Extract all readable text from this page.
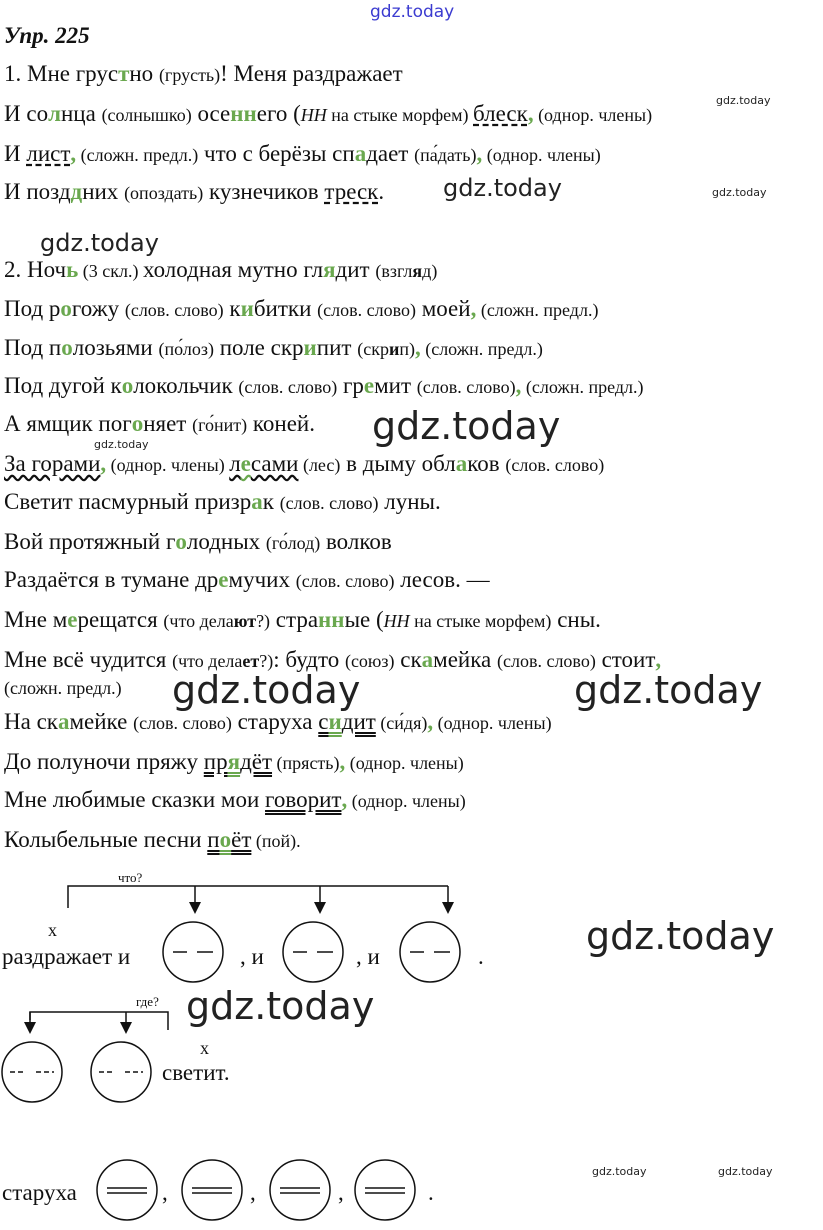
gdz.today
gdz.today
gdz.today	gdz.today
gdz.today
gdz.today
gdz.today
gdz.today	gdz.today
gdz.today
gdz.today
gdz.today	gdz.today
Упр. 225
1. Мне грустно (грусть)! Меня раздражает
И солнца (солнышко) осеннего (НН на стыке морфем) блеск, (однор. члены)
И лист, (сложн. предл.) что с берёзы спадает (па́дать), (однор. члены)
И позддних (опоздать) кузнечиков треск.
2. Ночь (3 скл.) холодная мутно глядит (взгляд)
Под рогожу (слов. слово) кибитки (слов. слово) моей, (сложн. предл.)
Под полозьями (по́лоз) поле скрипит (скрип), (сложн. предл.)
Под дугой колокольчик (слов. слово) гремит (слов. слово), (сложн. предл.)
А ямщик погоняет (го́нит) коней.
За горами, (однор. члены) лесами (лес) в дыму облаков (слов. слово)
Светит пасмурный призрак (слов. слово) луны.
Вой протяжный голодных (го́лод) волков
Раздаётся в тумане дремучих (слов. слово) лесов. —
Мне мерещатся (что делают?) странные (НН на стыке морфем) сны.
Мне всё чудится (что делает?): будто (союз) скамейка (слов. слово) стоит,
(сложн. предл.)
На скамейке (слов. слово) старуха сидит (си́дя), (однор. члены)
До полуночи пряжу прядёт (прясть), (однор. члены)
Мне любимые сказки мои говорит, (однор. члены)
Колыбельные песни поёт (пой).
что?
x
раздражает и	, и	, и	.
где?
x
светит.
старуха	,	,	,	.
